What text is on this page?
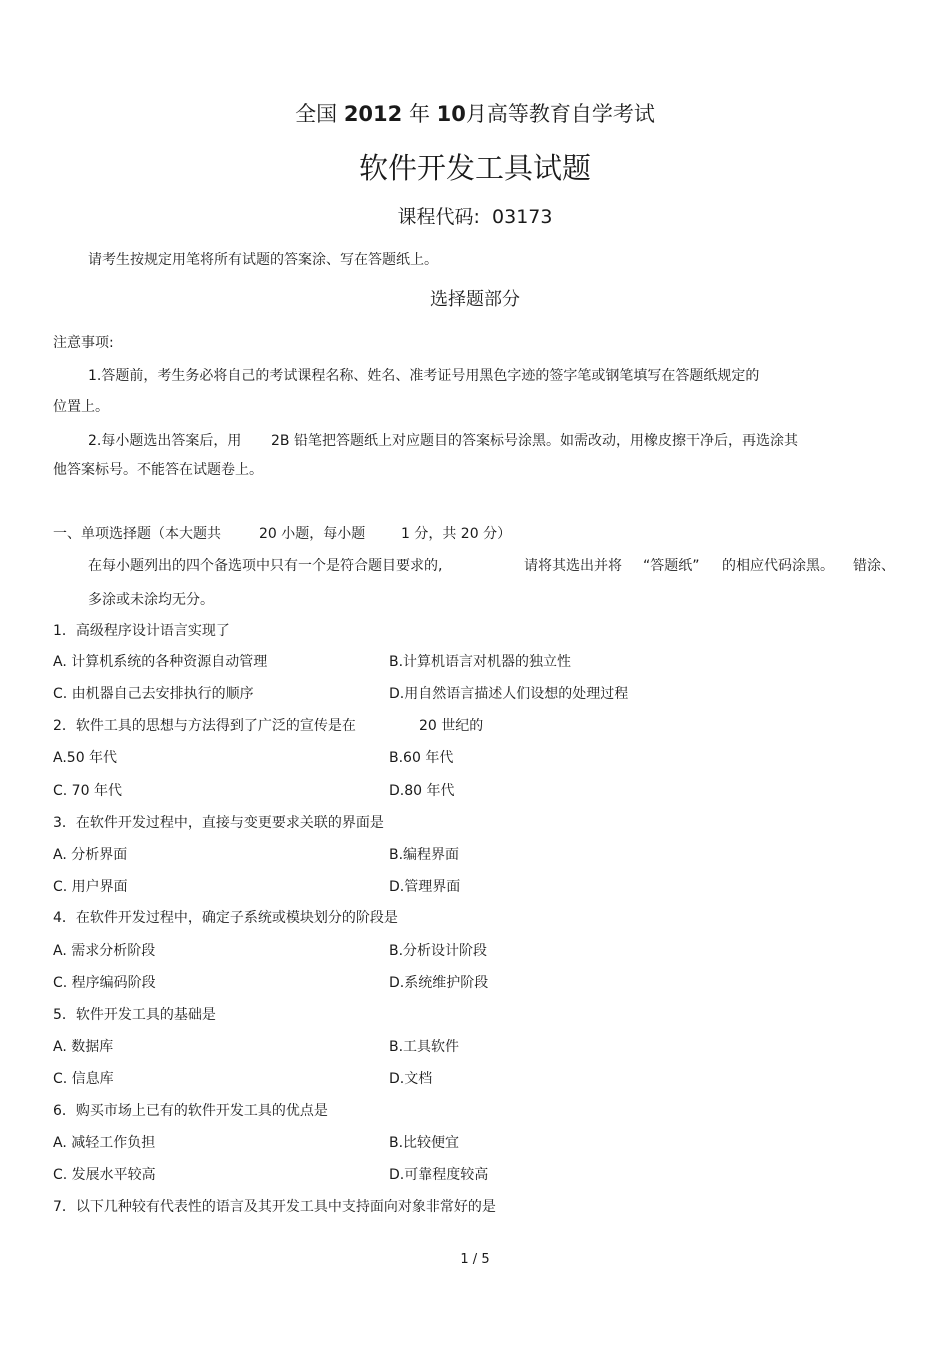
全国 2012 年 10月高等教育自学考试
软件开发工具试题
课程代码: 03173
请考生按规定用笔将所有试题的答案涂、写在答题纸上。
选择题部分
注意事项:
1.答题前，考生务必将自己的考试课程名称、姓名、准考证号用黑色字迹的签字笔或钢笔填写在答题纸规定的
位置上。
2.每小题选出答案后，用 2B 铅笔把答题纸上对应题目的答案标号涂黑。如需改动，用橡皮擦干净后，再选涂其
他答案标号。不能答在试题卷上。
一、单项选择题（本大题共	20 小题，每小题	1 分，共 20 分）
在每小题列出的四个备选项中只有一个是符合题目要求的,	请将其选出并将 “答题纸” 的相应代码涂黑。 错涂、
多涂或未涂均无分。
1．高级程序设计语言实现了
A. 计算机系统的各种资源自动管理	B.计算机语言对机器的独立性
C. 由机器自己去安排执行的顺序	D.用自然语言描述人们设想的处理过程
2．软件工具的思想与方法得到了广泛的宣传是在	20 世纪的
A.50 年代	B.60 年代
C. 70 年代	D.80 年代
3．在软件开发过程中，直接与变更要求关联的界面是
A. 分析界面	B.编程界面
C. 用户界面	D.管理界面
4．在软件开发过程中，确定子系统或模块划分的阶段是
A. 需求分析阶段	B.分析设计阶段
C. 程序编码阶段	D.系统维护阶段
5．软件开发工具的基础是
A. 数据库	B.工具软件
C. 信息库	D.文档
6．购买市场上已有的软件开发工具的优点是
A. 减轻工作负担	B.比较便宜
C. 发展水平较高	D.可靠程度较高
7．以下几种较有代表性的语言及其开发工具中支持面向对象非常好的是
1 / 5
